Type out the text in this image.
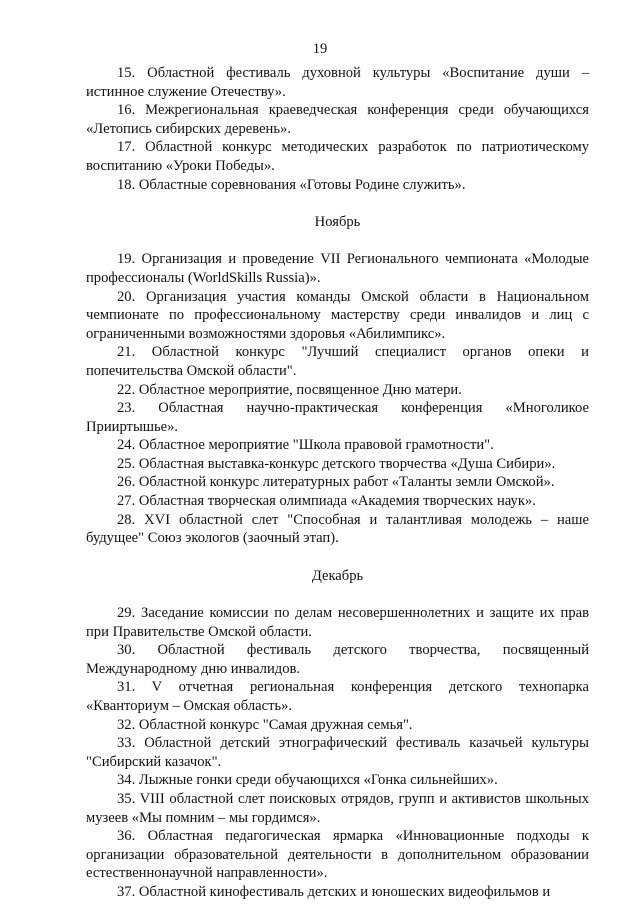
19

15. Областной фестиваль духовной культуры «Воспитание души – истинное служение Отечеству».

16. Межрегиональная краеведческая конференция среди обучающихся «Летопись сибирских деревень».

17. Областной конкурс методических разработок по патриотическому воспитанию «Уроки Победы».

18. Областные соревнования «Готовы Родине служить».

Ноябрь

19. Организация и проведение VII Регионального чемпионата «Молодые профессионалы (WorldSkills Russia)».

20. Организация участия команды Омской области в Национальном чемпионате по профессиональному мастерству среди инвалидов и лиц с ограниченными возможностями здоровья «Абилимпикс».

21. Областной конкурс "Лучший специалист органов опеки и попечительства Омской области".

22. Областное мероприятие, посвященное Дню матери.

23. Областная научно-практическая конференция «Многоликое Прииртышье».

24. Областное мероприятие "Школа правовой грамотности".

25. Областная выставка-конкурс детского творчества «Душа Сибири».

26. Областной конкурс литературных работ «Таланты земли Омской».

27. Областная творческая олимпиада «Академия творческих наук».

28. XVI областной слет "Способная и талантливая молодежь – наше будущее" Союз экологов (заочный этап).

Декабрь

29. Заседание комиссии по делам несовершеннолетних и защите их прав при Правительстве Омской области.

30. Областной фестиваль детского творчества, посвященный Международному дню инвалидов.

31. V отчетная региональная конференция детского технопарка «Кванториум – Омская область».

32. Областной конкурс "Самая дружная семья".

33. Областной детский этнографический фестиваль казачьей культуры "Сибирский казачок".

34. Лыжные гонки среди обучающихся «Гонка сильнейших».

35. VIII областной слет поисковых отрядов, групп и активистов школьных музеев «Мы помним – мы гордимся».

36. Областная педагогическая ярмарка «Инновационные подходы к организации образовательной деятельности в дополнительном образовании естественнонаучной направленности».

37. Областной кинофестиваль детских и юношеских видеофильмов и
